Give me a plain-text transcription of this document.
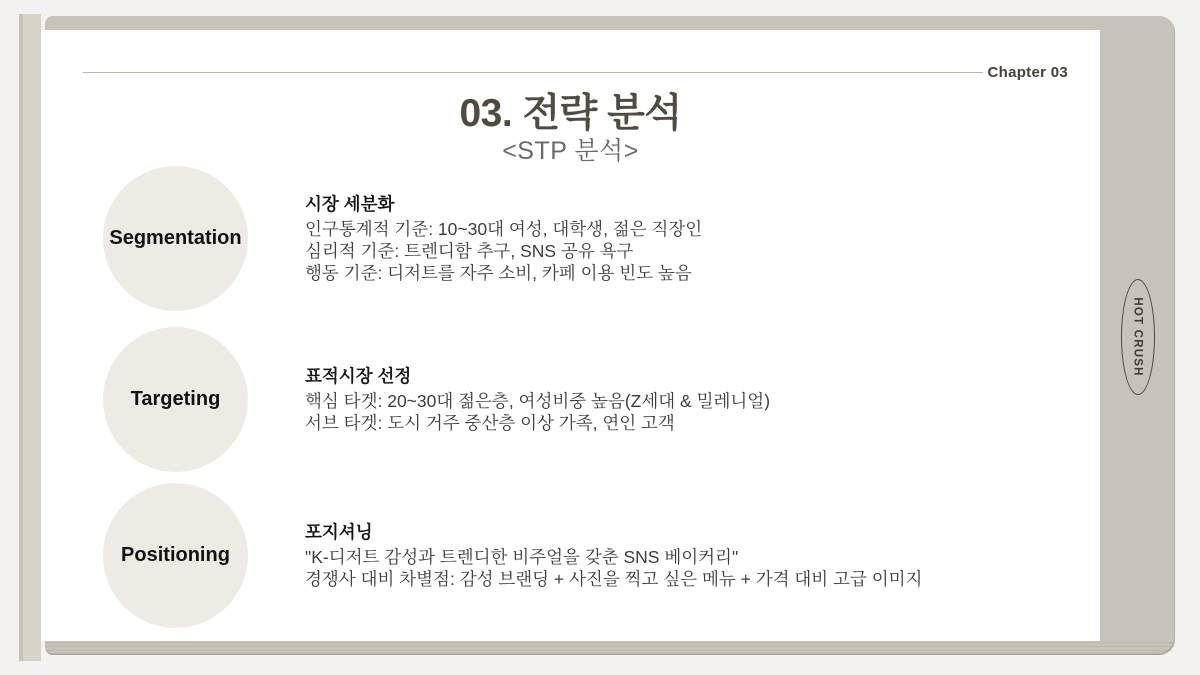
Chapter 03
03. 전략 분석
<STP 분석>
Segmentation
시장 세분화
인구통계적 기준: 10~30대 여성, 대학생, 젊은 직장인
심리적 기준: 트렌디함 추구, SNS 공유 욕구
행동 기준: 디저트를 자주 소비, 카페 이용 빈도 높음
Targeting
표적시장 선정
핵심 타겟: 20~30대 젊은층, 여성비중 높음(Z세대 & 밀레니얼)
서브 타겟: 도시 거주 중산층 이상 가족, 연인 고객
Positioning
포지셔닝
"K-디저트 감성과 트렌디한 비주얼을 갖춘 SNS 베이커리"
경쟁사 대비 차별점: 감성 브랜딩 + 사진을 찍고 싶은 메뉴 + 가격 대비 고급 이미지
HOT CRUSH
